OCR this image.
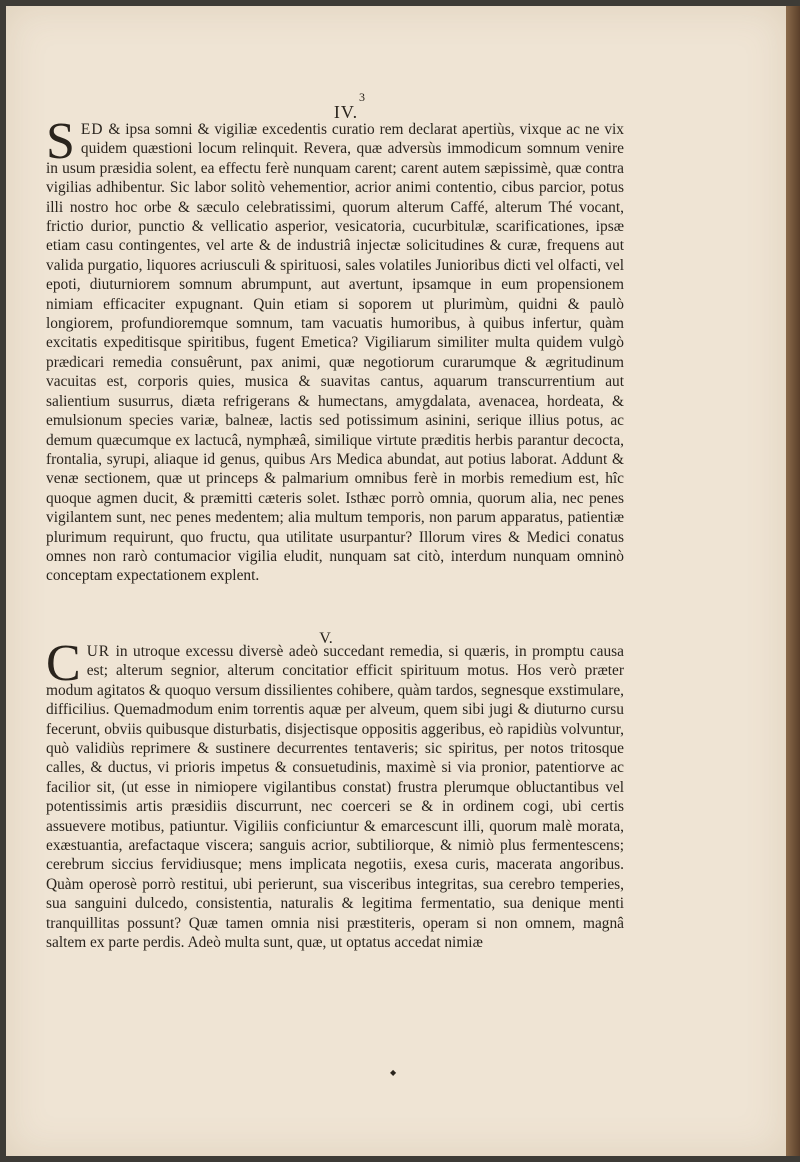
3
IV.
SED & ipsa somni & vigiliæ excedentis curatio rem declarat apertiùs, vixque ac ne vix quidem quæstioni locum relinquit. Revera, quæ adversùs immodicum somnum venire in usum præsidia solent, ea effectu ferè nunquam carent; carent autem sæpissimè, quæ contra vigilias adhibentur. Sic labor solitò vehementior, acrior animi contentio, cibus parcior, potus illi nostro hoc orbe & sæculo celebratissimi, quorum alterum Caffé, alterum Thé vocant, frictio durior, punctio & vellicatio asperior, vesicatoria, cucurbitulæ, scarificationes, ipsæ etiam casu contingentes, vel arte & de industriâ injectæ solicitudines & curæ, frequens aut valida purgatio, liquores acriusculi & spirituosi, sales volatiles Junioribus dicti vel olfacti, vel epoti, diuturniorem somnum abrumpunt, aut avertunt, ipsamque in eum propensionem nimiam efficaciter expugnant. Quin etiam si soporem ut plurimùm, quidni & paulò longiorem, profundioremque somnum, tam vacuatis humoribus, à quibus infertur, quàm excitatis expeditisque spiritibus, fugent Emetica? Vigiliarum similiter multa quidem vulgò prædicari remedia consuêrunt, pax animi, quæ negotiorum curarumque & ægritudinum vacuitas est, corporis quies, musica & suavitas cantus, aquarum transcurrentium aut salientium susurrus, diæta refrigerans & humectans, amygdalata, avenacea, hordeata, & emulsionum species variæ, balneæ, lactis sed potissimum asinini, serique illius potus, ac demum quæcumque ex lactucâ, nymphæâ, similique virtute præditis herbis parantur decocta, frontalia, syrupi, aliaque id genus, quibus Ars Medica abundat, aut potius laborat. Addunt & venæ sectionem, quæ ut princeps & palmarium omnibus ferè in morbis remedium est, hîc quoque agmen ducit, & præmitti cæteris solet. Isthæc porrò omnia, quorum alia, nec penes vigilantem sunt, nec penes medentem; alia multum temporis, non parum apparatus, patientiæ plurimum requirunt, quo fructu, qua utilitate usurpantur? Illorum vires & Medici conatus omnes non rarò contumacior vigilia eludit, nunquam sat citò, interdum nunquam omninò conceptam expectationem explent.
V.
CUR in utroque excessu diversè adeò succedant remedia, si quæris, in promptu causa est; alterum segnior, alterum concitatior efficit spirituum motus. Hos verò præter modum agitatos & quoquo versum dissilientes cohibere, quàm tardos, segnesque exstimulare, difficilius. Quemadmodum enim torrentis aquæ per alveum, quem sibi jugi & diuturno cursu fecerunt, obviis quibusque disturbatis, disjectisque oppositis aggeribus, eò rapidiùs volvuntur, quò validiùs reprimere & sustinere decurrentes tentaveris; sic spiritus, per notos tritosque calles, & ductus, vi prioris impetus & consuetudinis, maximè si via pronior, patentiorve ac facilior sit, (ut esse in nimiopere vigilantibus constat) frustra plerumque obluctantibus vel potentissimis artis præsidiis discurrunt, nec coerceri se & in ordinem cogi, ubi certis assuevere motibus, patiuntur. Vigiliis conficiuntur & emarcescunt illi, quorum malè morata, exæstuantia, arefactaque viscera; sanguis acrior, subtiliorque, & nimiò plus fermentescens; cerebrum siccius fervidiusque; mens implicata negotiis, exesa curis, macerata angoribus. Quàm operosè porrò restitui, ubi perierunt, sua visceribus integritas, sua cerebro temperies, sua sanguini dulcedo, consistentia, naturalis & legitima fermentatio, sua denique menti tranquillitas possunt? Quæ tamen omnia nisi præstiteris, operam si non omnem, magnâ saltem ex parte perdis. Adeò multa sunt, quæ, ut optatus accedat nimiæ
◆
